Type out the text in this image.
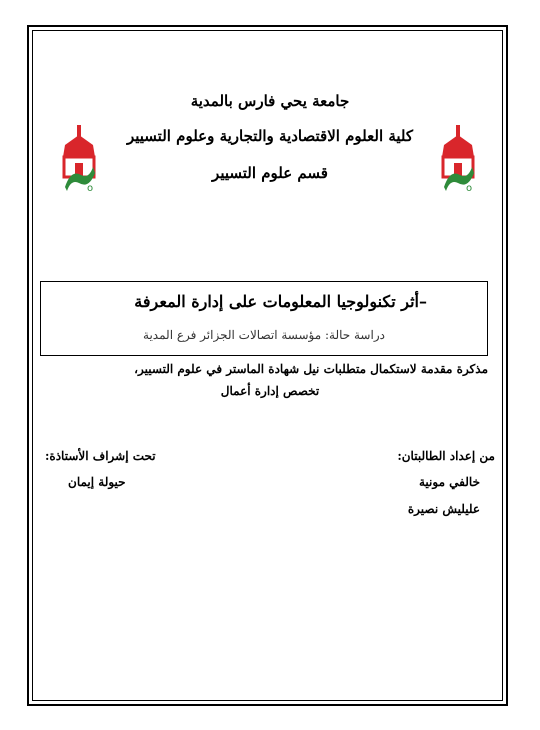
جامعة يحي فارس بالمدية
كلية العلوم الاقتصادية والتجارية وعلوم التسيير
قسم علوم التسيير
o	o
–أثر تكنولوجيا المعلومات على إدارة المعرفة
دراسة حالة: مؤسسة اتصالات الجزائر فرع المدية
مذكرة مقدمة لاستكمال متطلبات نيل شهادة الماستر في علوم التسيير،
تخصص إدارة أعمال
من إعداد الطالبتان:
خالفي مونية
عليليش نصيرة
تحت إشراف الأستاذة:
حيولة إيمان
